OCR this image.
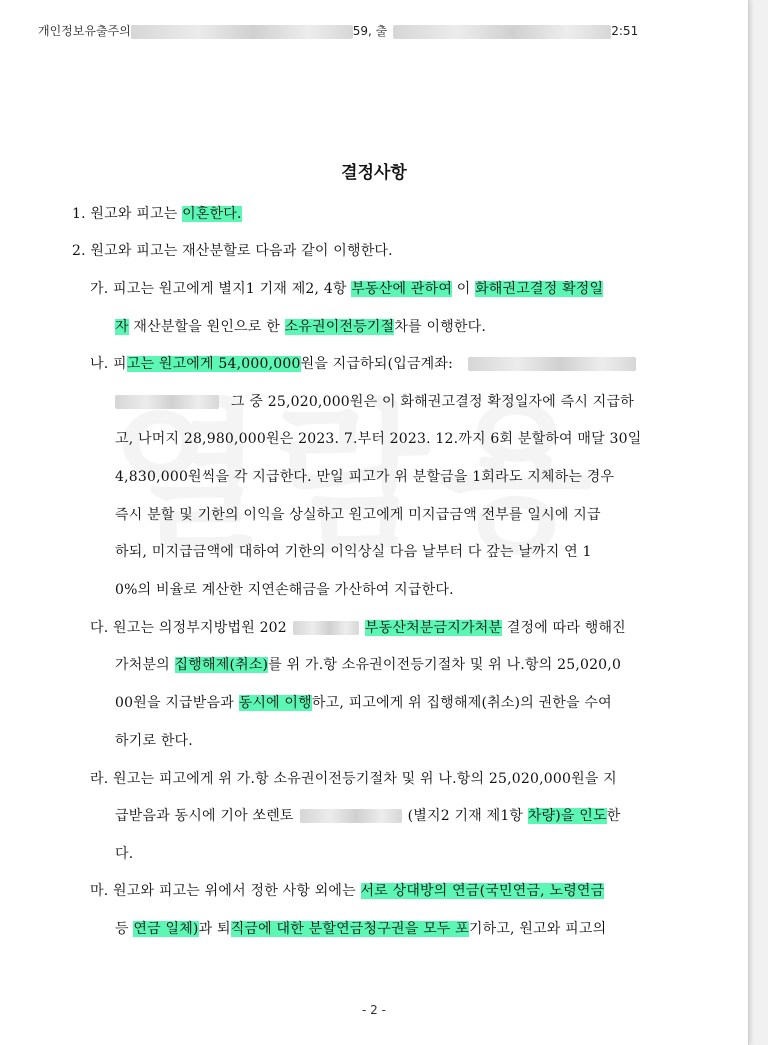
개인정보유출주의	59, 출	2:51
결정사항
1. 원고와 피고는 이혼한다.
2. 원고와 피고는 재산분할로 다음과 같이 이행한다.
가. 피고는 원고에게 별지1 기재 제2, 4항 부동산에 관하여 이 화해권고결정 확정일
자 재산분할을 원인으로 한 소유권이전등기절차를 이행한다.
나. 피고는 원고에게 54,000,000원을 지급하되(입금계좌:
그 중 25,020,000원은 이 화해권고결정 확정일자에 즉시 지급하
고, 나머지 28,980,000원은 2023. 7.부터 2023. 12.까지 6회 분할하여 매달 30일
4,830,000원씩을 각 지급한다. 만일 피고가 위 분할금을 1회라도 지체하는 경우
즉시 분할 및 기한의 이익을 상실하고 원고에게 미지급금액 전부를 일시에 지급
하되, 미지급금액에 대하여 기한의 이익상실 다음 날부터 다 갚는 날까지 연 1
0%의 비율로 계산한 지연손해금을 가산하여 지급한다.
다. 원고는 의정부지방법원 202	부동산처분금지가처분 결정에 따라 행해진
가처분의 집행해제(취소)를 위 가.항 소유권이전등기절차 및 위 나.항의 25,020,0
00원을 지급받음과 동시에 이행하고, 피고에게 위 집행해제(취소)의 권한을 수여
하기로 한다.
라. 원고는 피고에게 위 가.항 소유권이전등기절차 및 위 나.항의 25,020,000원을 지
급받음과 동시에 기아 쏘렌토	(별지2 기재 제1항 차량)을 인도한
다.
마. 원고와 피고는 위에서 정한 사항 외에는 서로 상대방의 연금(국민연금, 노령연금
등 연금 일체)과 퇴직금에 대한 분할연금청구권을 모두 포기하고, 원고와 피고의
- 2 -
